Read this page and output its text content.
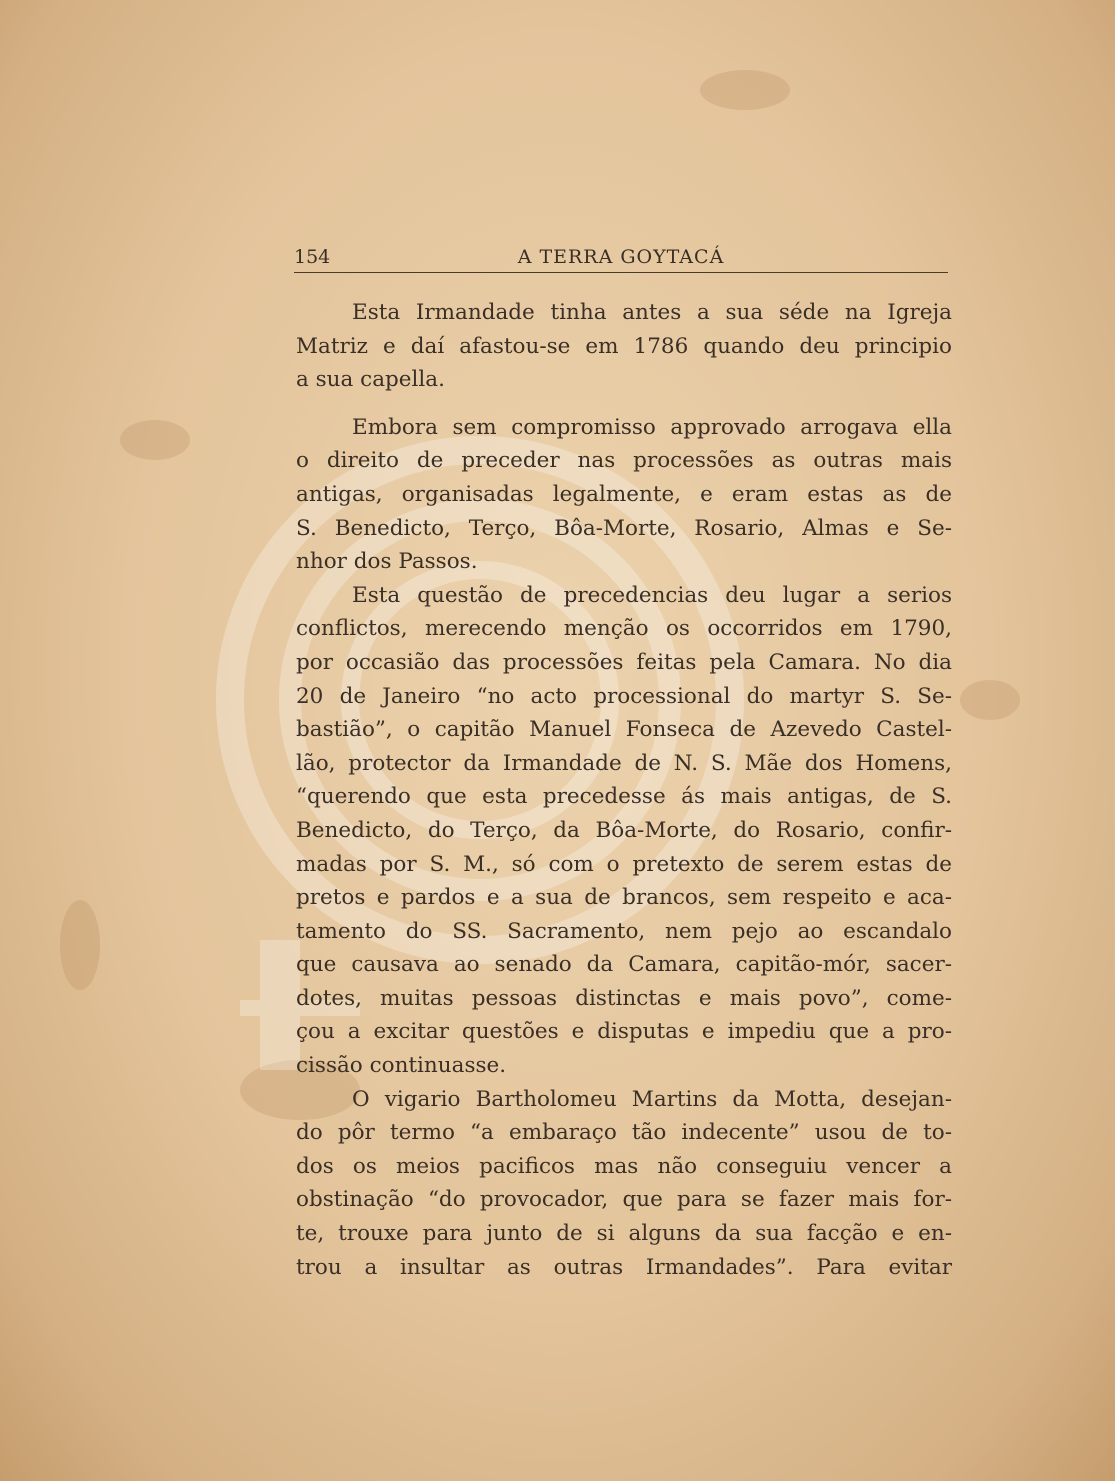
154	A TERRA GOYTACÁ
Esta Irmandade tinha antes a sua séde na Igreja
Matriz e daí afastou-se em 1786 quando deu principio
a sua capella.
Embora sem compromisso approvado arrogava ella
o direito de preceder nas processões as outras mais
antigas, organisadas legalmente, e eram estas as de
S. Benedicto, Terço, Bôa-Morte, Rosario, Almas e Se-
nhor dos Passos.
Esta questão de precedencias deu lugar a serios
conflictos, merecendo menção os occorridos em 1790,
por occasião das processões feitas pela Camara. No dia
20 de Janeiro “no acto processional do martyr S. Se-
bastião”, o capitão Manuel Fonseca de Azevedo Castel-
lão, protector da Irmandade de N. S. Mãe dos Homens,
“querendo que esta precedesse ás mais antigas, de S.
Benedicto, do Terço, da Bôa-Morte, do Rosario, confir-
madas por S. M., só com o pretexto de serem estas de
pretos e pardos e a sua de brancos, sem respeito e aca-
tamento do SS. Sacramento, nem pejo ao escandalo
que causava ao senado da Camara, capitão-mór, sacer-
dotes, muitas pessoas distinctas e mais povo”, come-
çou a excitar questões e disputas e impediu que a pro-
cissão continuasse.
O vigario Bartholomeu Martins da Motta, desejan-
do pôr termo “a embaraço tão indecente” usou de to-
dos os meios pacificos mas não conseguiu vencer a
obstinação “do provocador, que para se fazer mais for-
te, trouxe para junto de si alguns da sua facção e en-
trou a insultar as outras Irmandades”. Para evitar
